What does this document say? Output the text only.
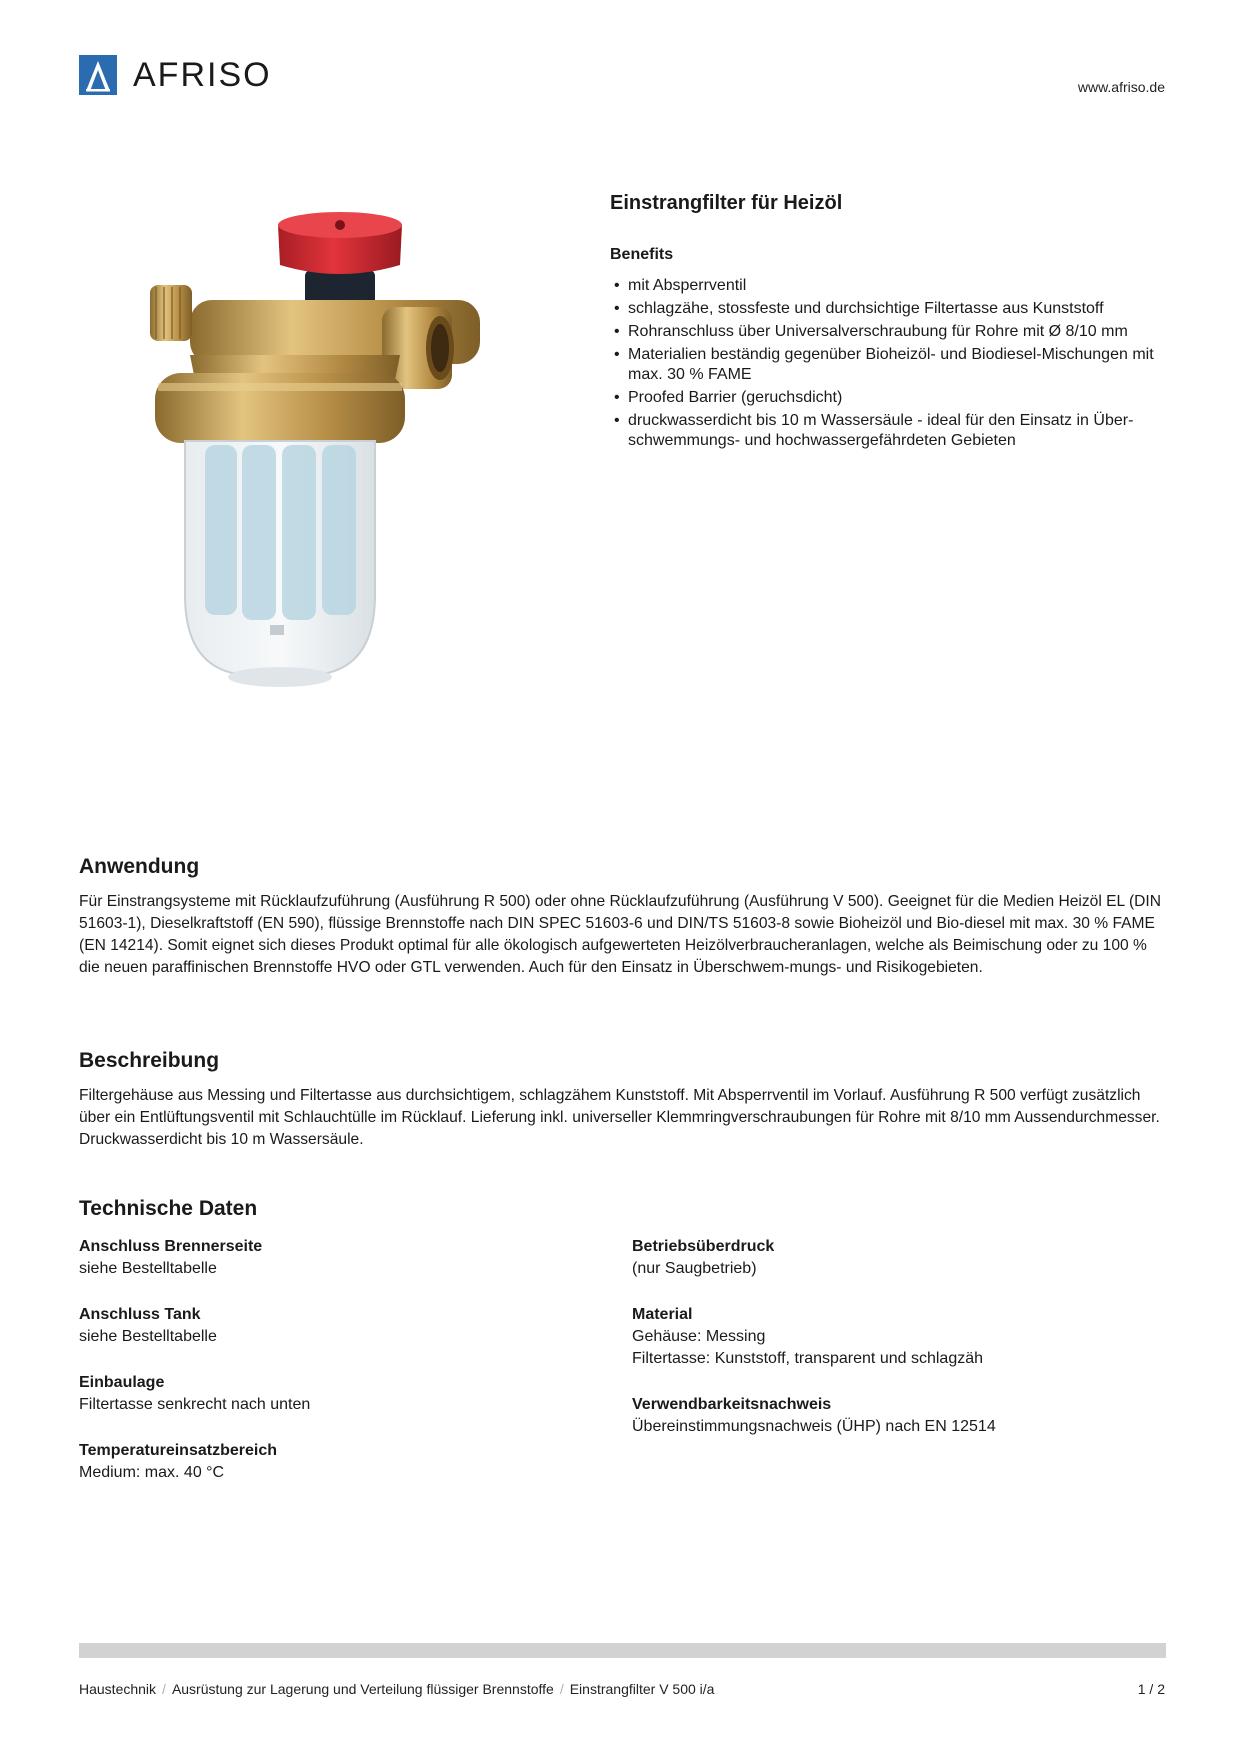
AFRISO	www.afriso.de
Einstrangfilter für Heizöl
Benefits
• mit Absperrventil
• schlagzähe, stossfeste und durchsichtige Filtertasse aus Kunststoff
• Rohranschluss über Universalverschraubung für Rohre mit Ø 8/10 mm
• Materialien beständig gegenüber Bioheizöl- und Biodiesel-Mischungen mit max. 30 % FAME
• Proofed Barrier (geruchsdicht)
• druckwasserdicht bis 10 m Wassersäule - ideal für den Einsatz in Über-schwemmungs- und hochwassergefährdeten Gebieten
Anwendung

Für Einstrangsysteme mit Rücklaufzuführung (Ausführung R 500) oder ohne Rücklaufzuführung (Ausführung V 500). Geeignet für die Medien Heizöl EL (DIN 51603-1), Dieselkraftstoff (EN 590), flüssige Brennstoffe nach DIN SPEC 51603-6 und DIN/TS 51603-8 sowie Bioheizöl und Bio-diesel mit max. 30 % FAME (EN 14214). Somit eignet sich dieses Produkt optimal für alle ökologisch aufgewerteten Heizölverbraucheranlagen, welche als Beimischung oder zu 100 % die neuen paraffinischen Brennstoffe HVO oder GTL verwenden. Auch für den Einsatz in Überschwem-mungs- und Risikogebieten.

Beschreibung

Filtergehäuse aus Messing und Filtertasse aus durchsichtigem, schlagzähem Kunststoff. Mit Absperrventil im Vorlauf. Ausführung R 500 verfügt zusätzlich über ein Entlüftungsventil mit Schlauchtülle im Rücklauf. Lieferung inkl. universeller Klemmringverschraubungen für Rohre mit 8/10 mm Aussendurchmesser. Druckwasserdicht bis 10 m Wassersäule.

Technische Daten
Anschluss Brennerseite
siehe Bestelltabelle
Anschluss Tank
siehe Bestelltabelle
Einbaulage
Filtertasse senkrecht nach unten
Temperatureinsatzbereich
Medium: max. 40 °C
Betriebsüberdruck
(nur Saugbetrieb)
Material
Gehäuse: Messing
Filtertasse: Kunststoff, transparent und schlagzäh
Verwendbarkeitsnachweis
Übereinstimmungsnachweis (ÜHP) nach EN 12514
Haustechnik / Ausrüstung zur Lagerung und Verteilung flüssiger Brennstoffe / Einstrangfilter V 500 i/a	1 / 2
